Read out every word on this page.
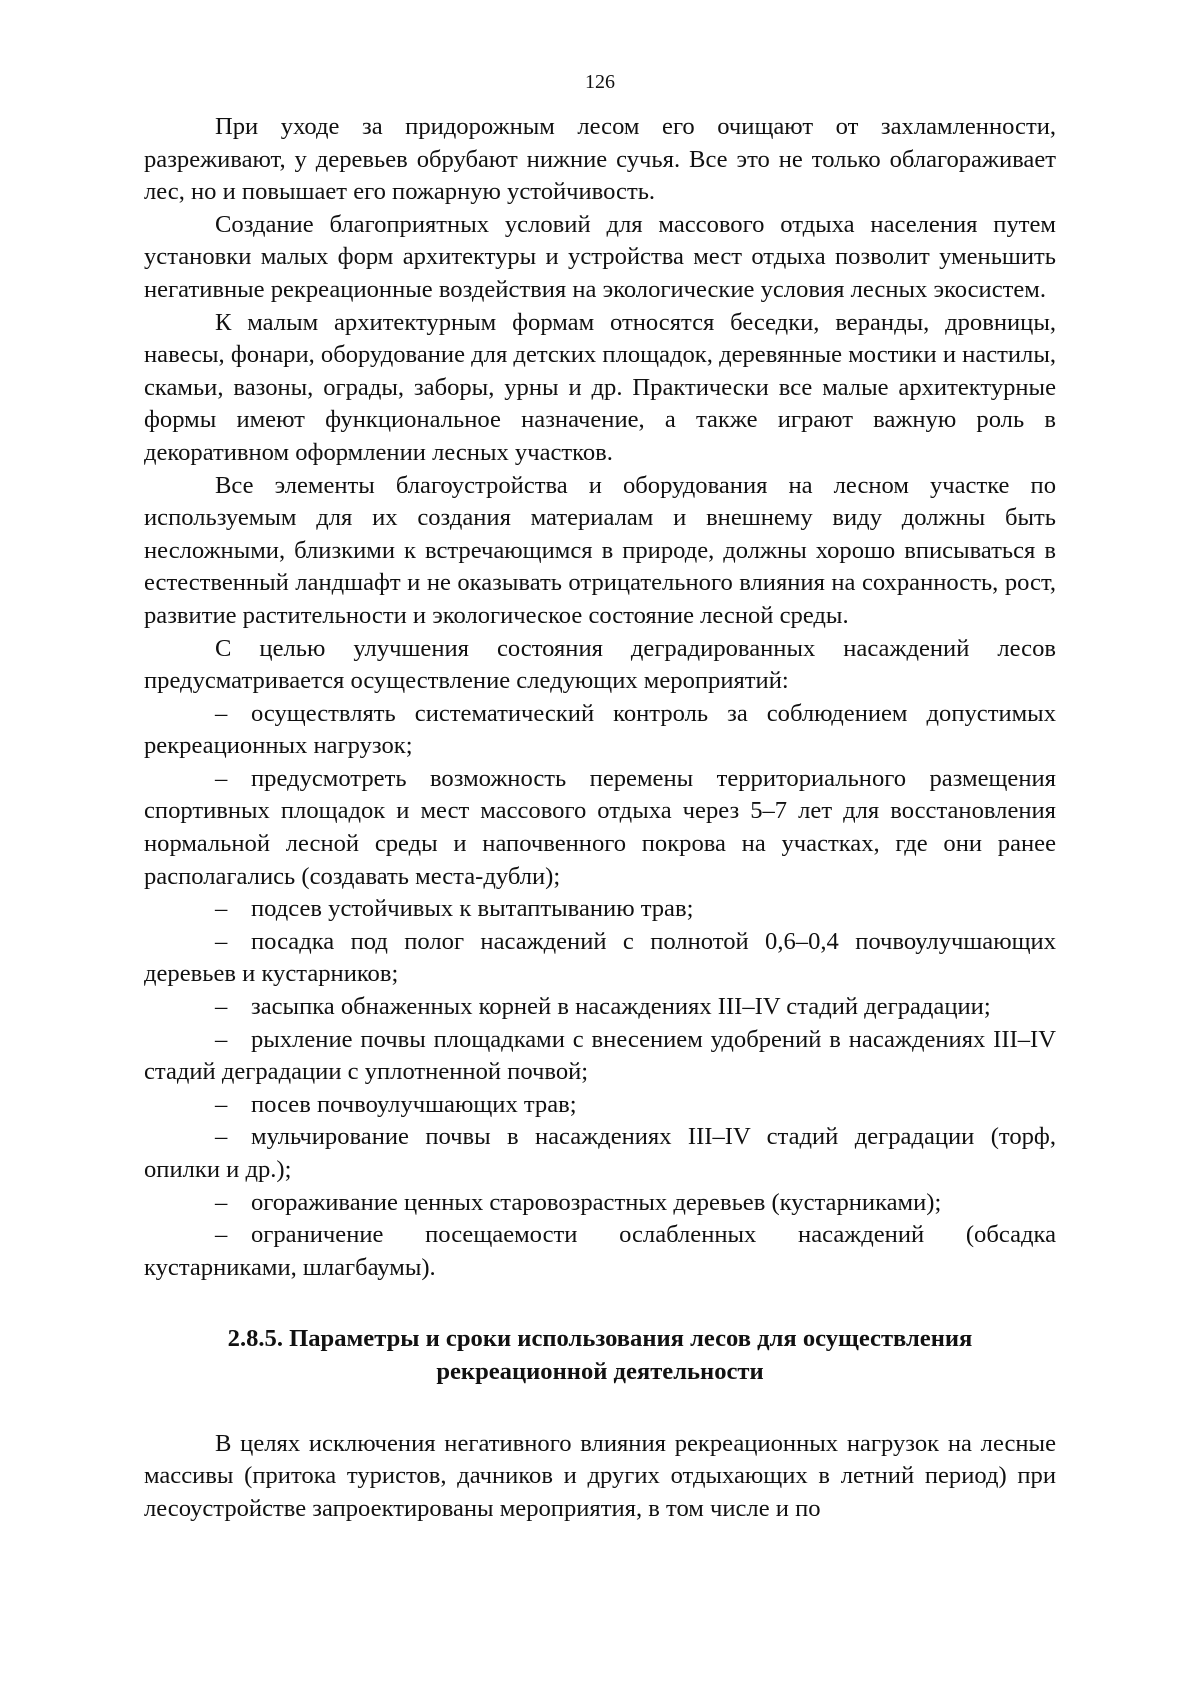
126

При уходе за придорожным лесом его очищают от захламленности, разреживают, у деревьев обрубают нижние сучья. Все это не только облагораживает лес, но и повышает его пожарную устойчивость.

Создание благоприятных условий для массового отдыха населения путем установки малых форм архитектуры и устройства мест отдыха позволит уменьшить негативные рекреационные воздействия на экологические условия лесных экосистем.

К малым архитектурным формам относятся беседки, веранды, дровницы, навесы, фонари, оборудование для детских площадок, деревянные мостики и настилы, скамьи, вазоны, ограды, заборы, урны и др. Практически все малые архитектурные формы имеют функциональное назначение, а также играют важную роль в декоративном оформлении лесных участков.

Все элементы благоустройства и оборудования на лесном участке по используемым для их создания материалам и внешнему виду должны быть несложными, близкими к встречающимся в природе, должны хорошо вписываться в естественный ландшафт и не оказывать отрицательного влияния на сохранность, рост, развитие растительности и экологическое состояние лесной среды.

С целью улучшения состояния деградированных насаждений лесов предусматривается осуществление следующих мероприятий:

– осуществлять систематический контроль за соблюдением допустимых рекреационных нагрузок;

– предусмотреть возможность перемены территориального размещения спортивных площадок и мест массового отдыха через 5–7 лет для восстановления нормальной лесной среды и напочвенного покрова на участках, где они ранее располагались (создавать места-дубли);

– подсев устойчивых к вытаптыванию трав;

– посадка под полог насаждений с полнотой 0,6–0,4 почвоулучшающих деревьев и кустарников;

– засыпка обнаженных корней в насаждениях III–IV стадий деградации;

– рыхление почвы площадками с внесением удобрений в насаждениях III–IV стадий деградации с уплотненной почвой;

– посев почвоулучшающих трав;

– мульчирование почвы в насаждениях III–IV стадий деградации (торф, опилки и др.);

– огораживание ценных старовозрастных деревьев (кустарниками);

– ограничение посещаемости ослабленных насаждений (обсадка кустарниками, шлагбаумы).

2.8.5. Параметры и сроки использования лесов для осуществления
рекреационной деятельности

В целях исключения негативного влияния рекреационных нагрузок на лесные массивы (притока туристов, дачников и других отдыхающих в летний период) при лесоустройстве запроектированы мероприятия, в том числе и по
